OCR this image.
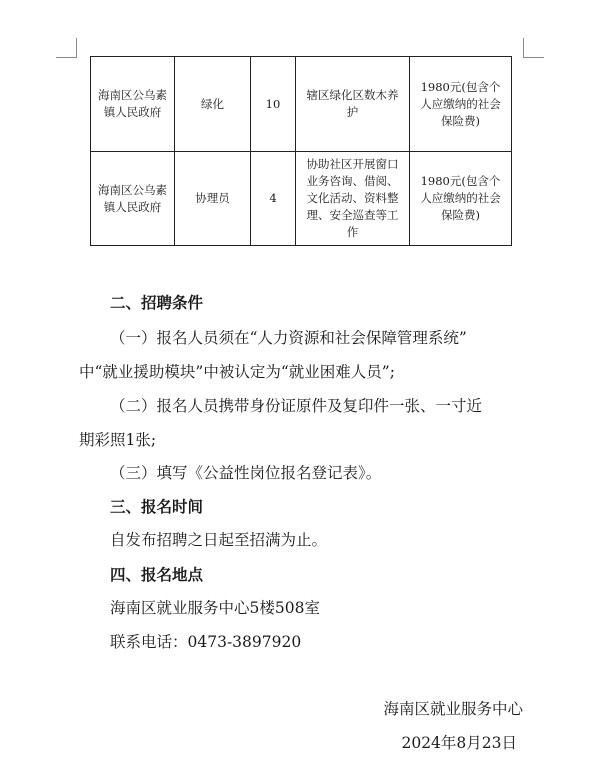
海南区公乌素镇人民政府	绿化	10	辖区绿化区数木养护	1980元(包含个人应缴纳的社会保险费)
海南区公乌素镇人民政府	协理员	4	协助社区开展窗口业务咨询、借阅、文化活动、资料整理、安全巡查等工作	1980元(包含个人应缴纳的社会保险费)
二、招聘条件
（一）报名人员须在“人力资源和社会保障管理系统”
中“就业援助模块”中被认定为“就业困难人员”;
（二）报名人员携带身份证原件及复印件一张、一寸近
期彩照1张;
（三）填写《公益性岗位报名登记表》。
三、报名时间
自发布招聘之日起至招满为止。
四、报名地点
海南区就业服务中心5楼508室
联系电话：0473-3897920
海南区就业服务中心
2024年8月23日
